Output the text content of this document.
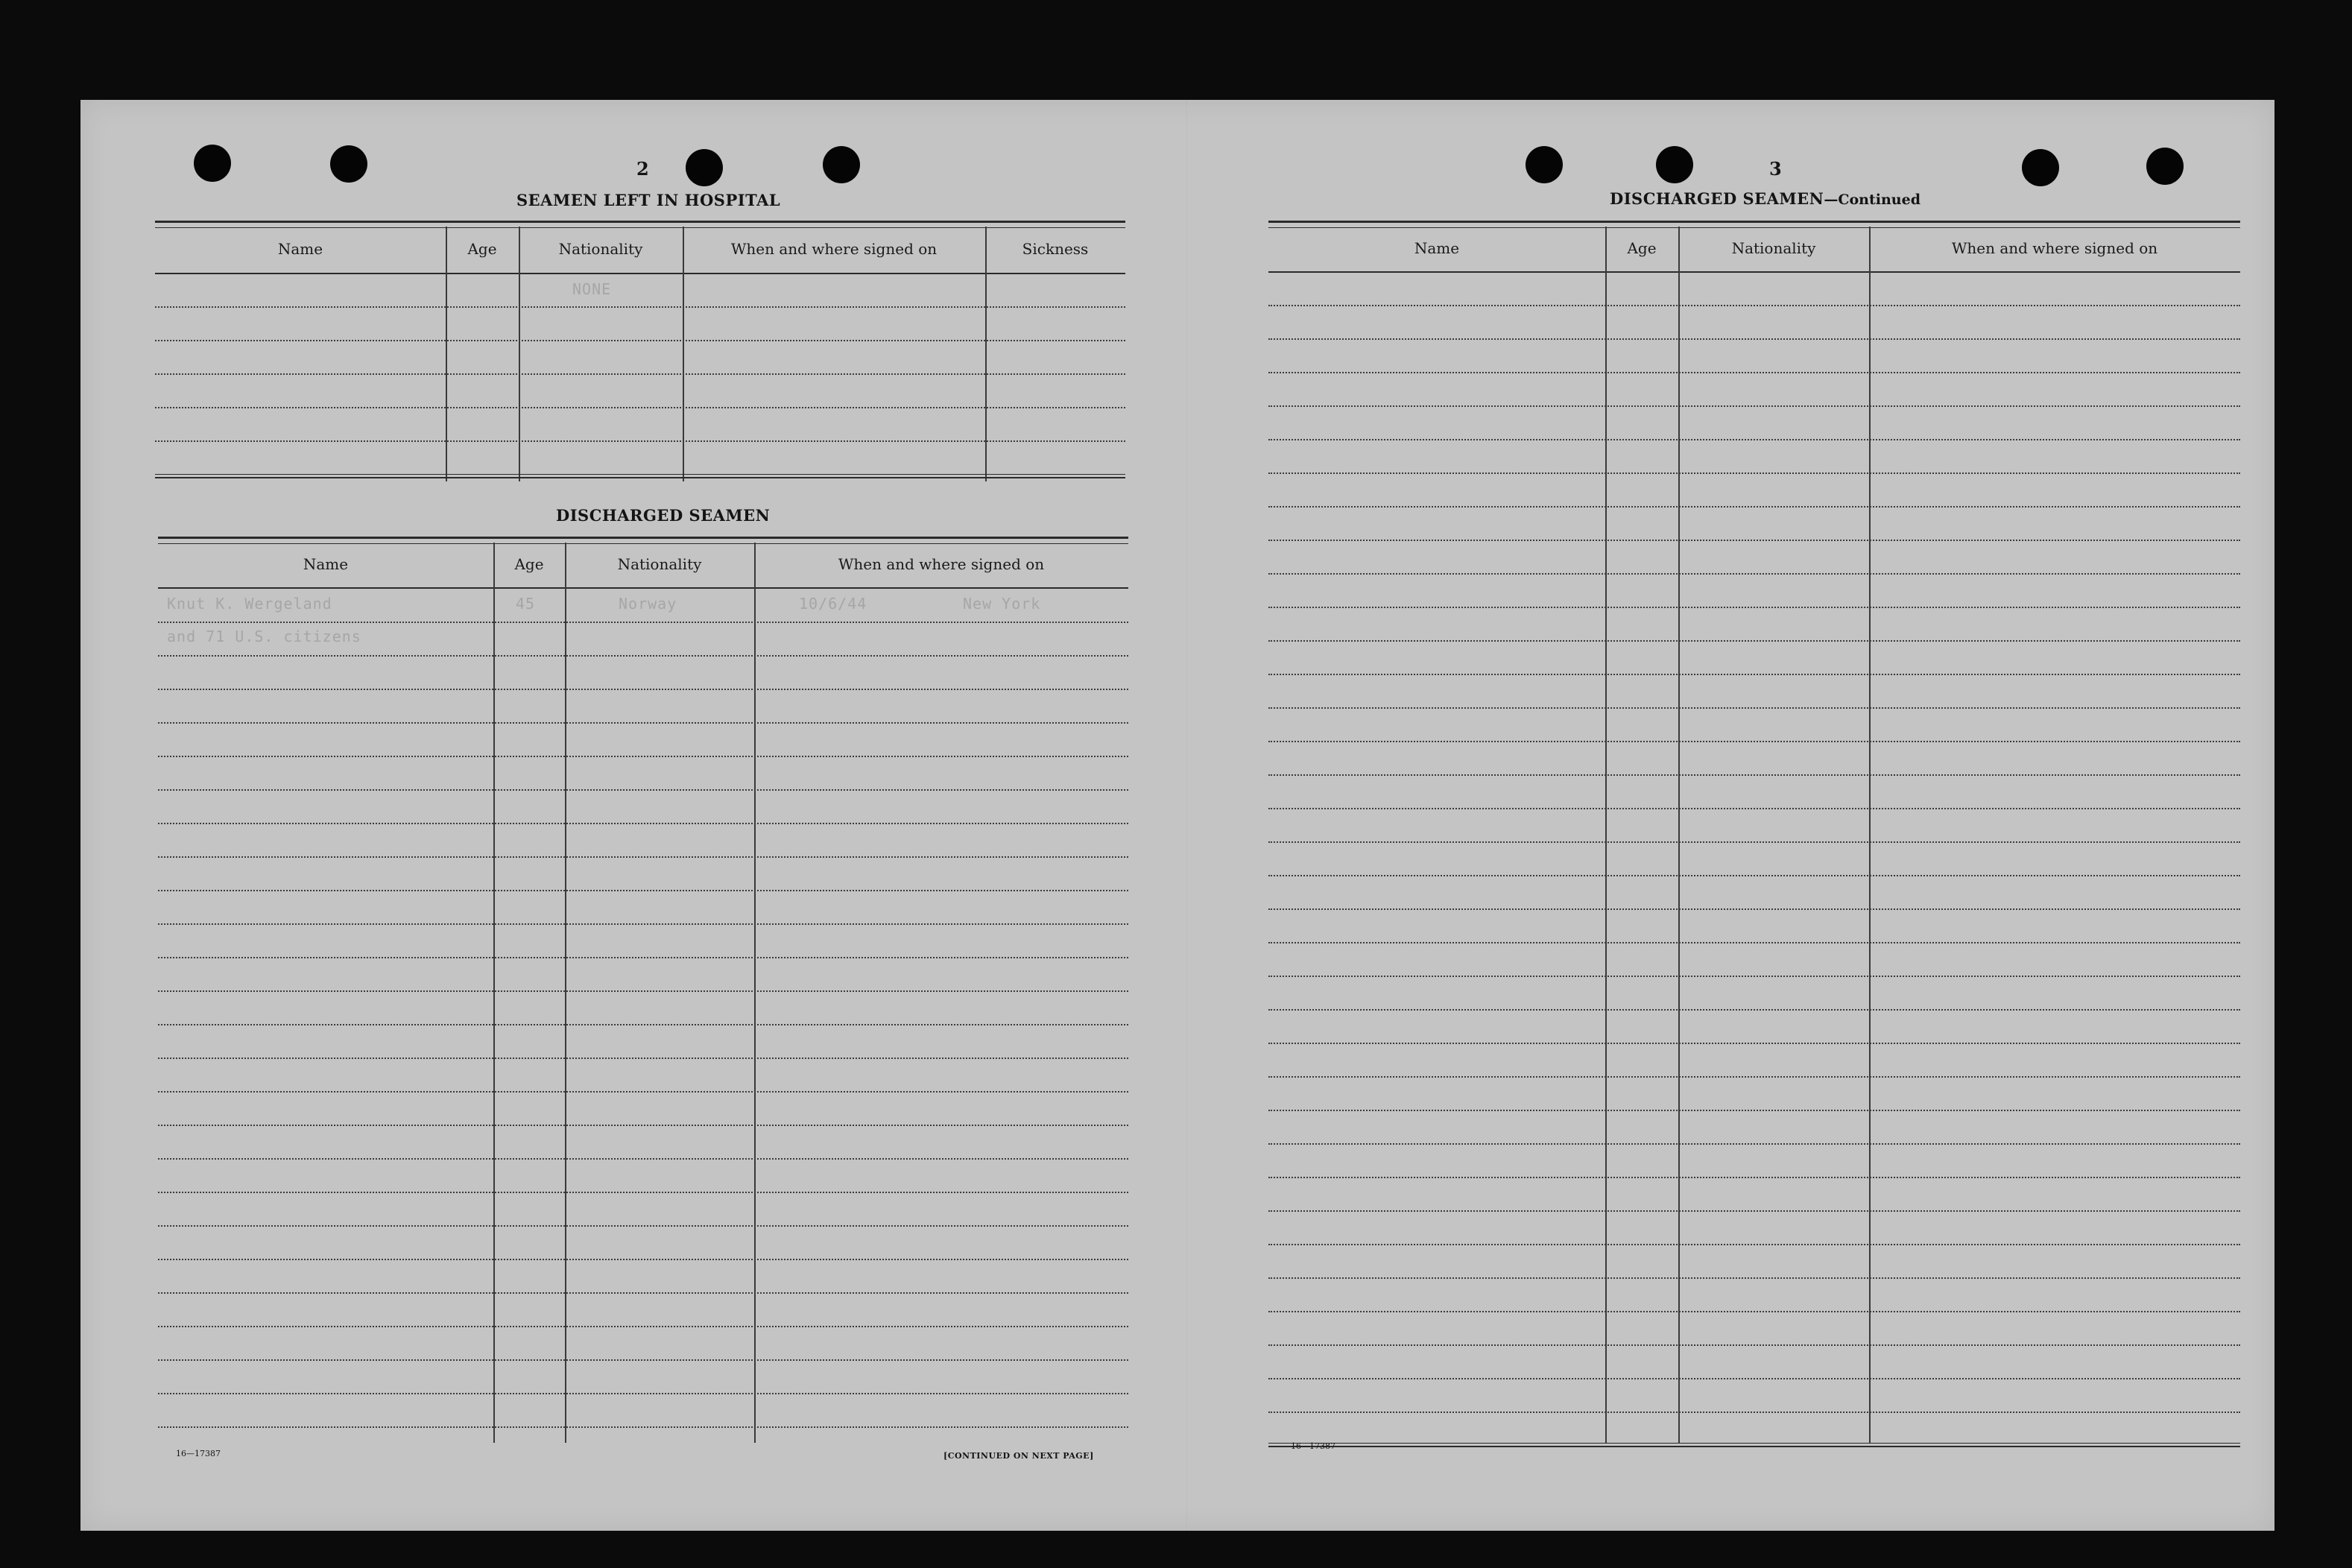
2
SEAMEN LEFT IN HOSPITAL
Name	Age	Nationality	When and where signed on	Sickness
NONE
DISCHARGED SEAMEN
Name	Age	Nationality	When and where signed on
Knut K. Wergeland	45	Norway	10/6/44	New York
and 71 U.S. citizens
16—17387	[CONTINUED ON NEXT PAGE]
3
DISCHARGED SEAMEN—Continued
Name	Age	Nationality	When and where signed on
16—17387
